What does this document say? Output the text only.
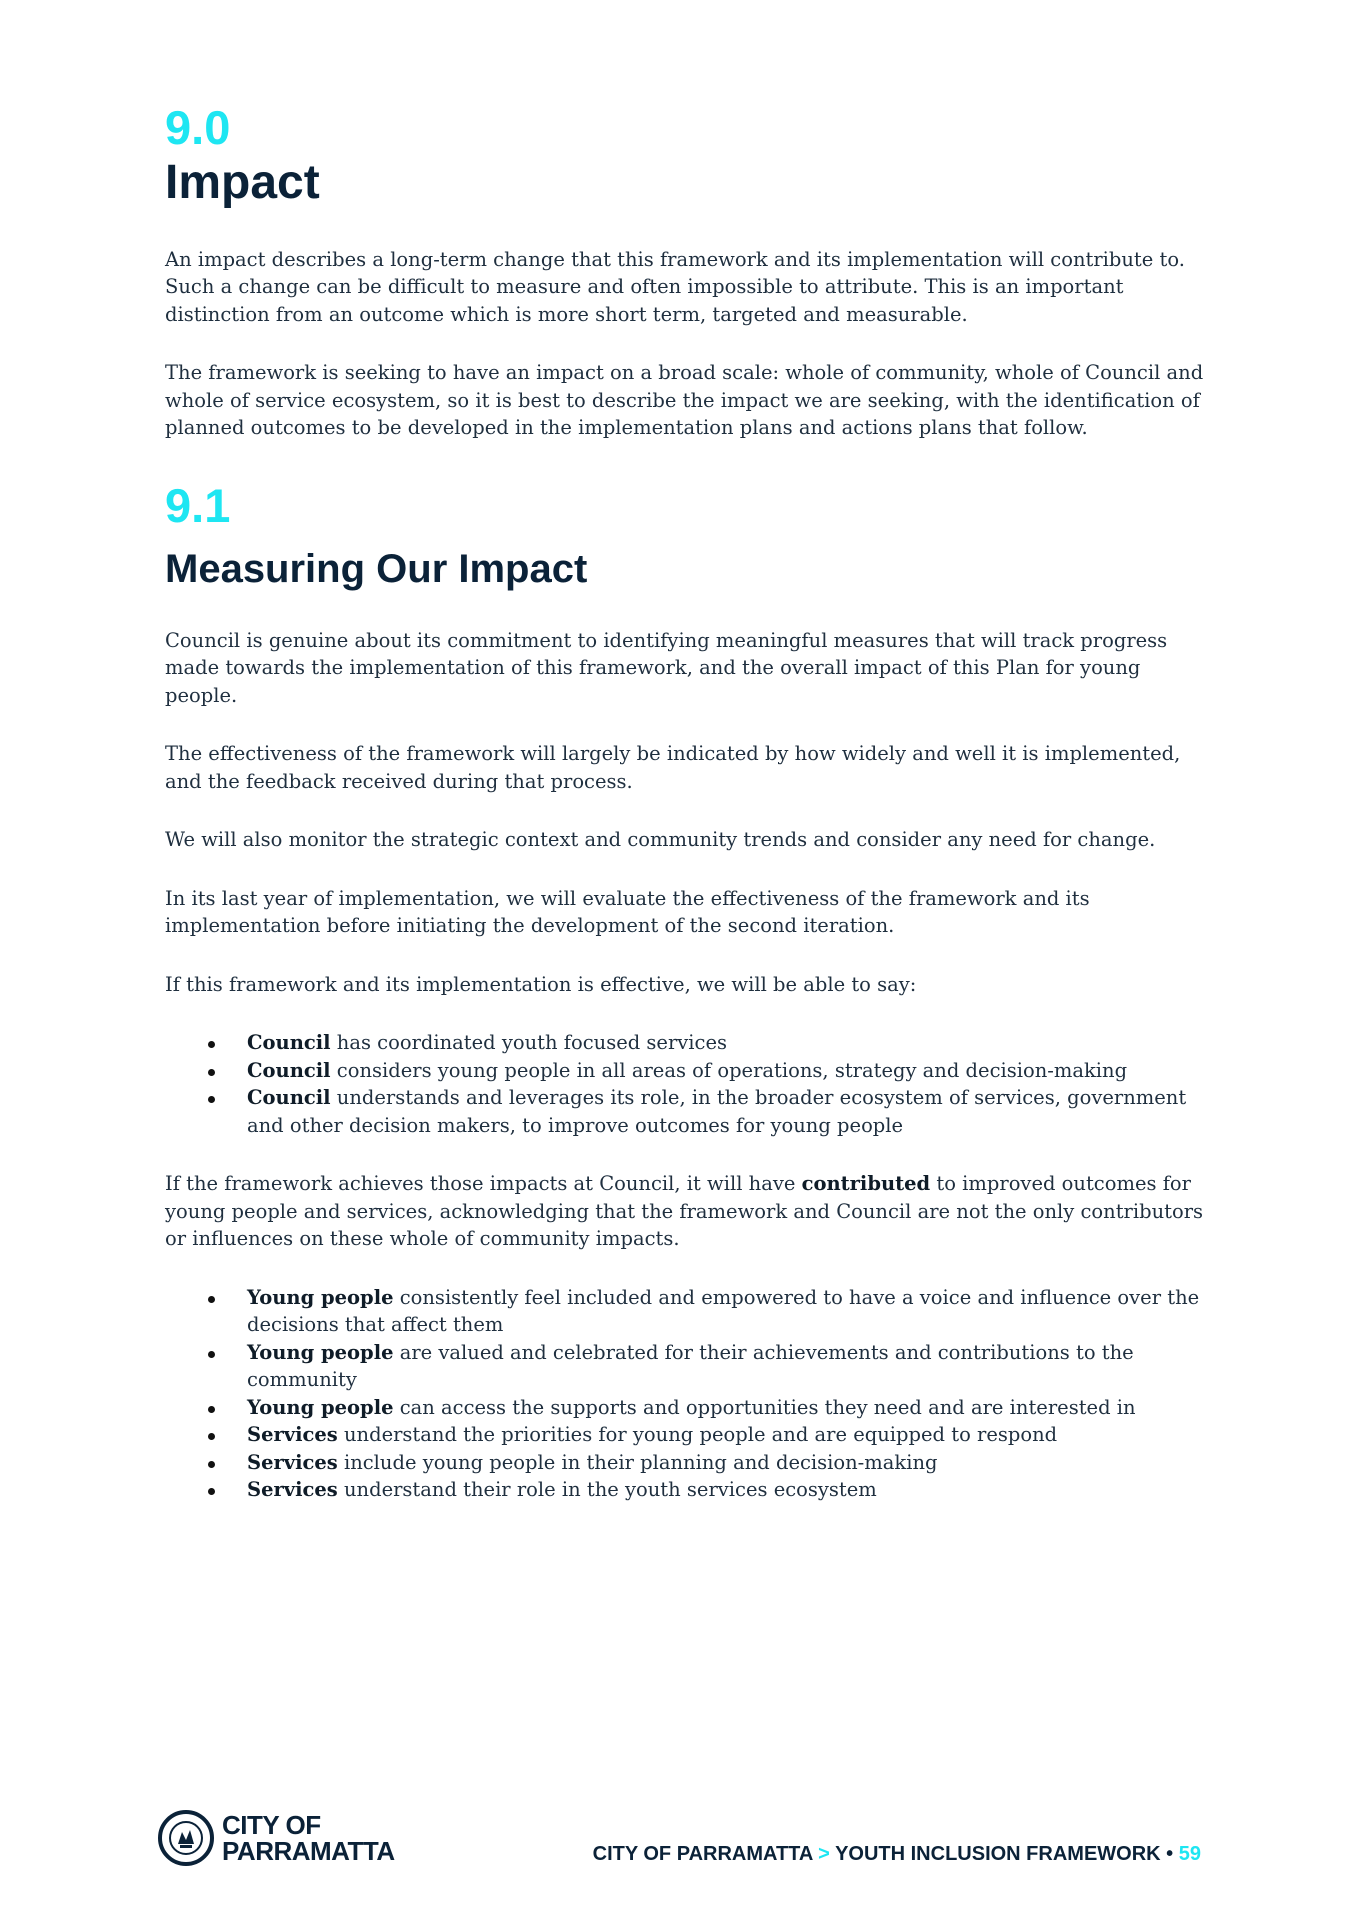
9.0
Impact

An impact describes a long-term change that this framework and its implementation will contribute to. Such a change can be difficult to measure and often impossible to attribute. This is an important distinction from an outcome which is more short term, targeted and measurable.

The framework is seeking to have an impact on a broad scale: whole of community, whole of Council and whole of service ecosystem, so it is best to describe the impact we are seeking, with the identification of planned outcomes to be developed in the implementation plans and actions plans that follow.

9.1
Measuring Our Impact

Council is genuine about its commitment to identifying meaningful measures that will track progress made towards the implementation of this framework, and the overall impact of this Plan for young people.

The effectiveness of the framework will largely be indicated by how widely and well it is implemented, and the feedback received during that process.

We will also monitor the strategic context and community trends and consider any need for change.

In its last year of implementation, we will evaluate the effectiveness of the framework and its implementation before initiating the development of the second iteration.

If this framework and its implementation is effective, we will be able to say:

Council has coordinated youth focused services
Council considers young people in all areas of operations, strategy and decision-making
Council understands and leverages its role, in the broader ecosystem of services, government and other decision makers, to improve outcomes for young people

If the framework achieves those impacts at Council, it will have contributed to improved outcomes for young people and services, acknowledging that the framework and Council are not the only contributors or influences on these whole of community impacts.

Young people consistently feel included and empowered to have a voice and influence over the decisions that affect them
Young people are valued and celebrated for their achievements and contributions to the community
Young people can access the supports and opportunities they need and are interested in
Services understand the priorities for young people and are equipped to respond
Services include young people in their planning and decision-making
Services understand their role in the youth services ecosystem
CITY OF
PARRAMATTA	CITY OF PARRAMATTA > YOUTH INCLUSION FRAMEWORK • 59
